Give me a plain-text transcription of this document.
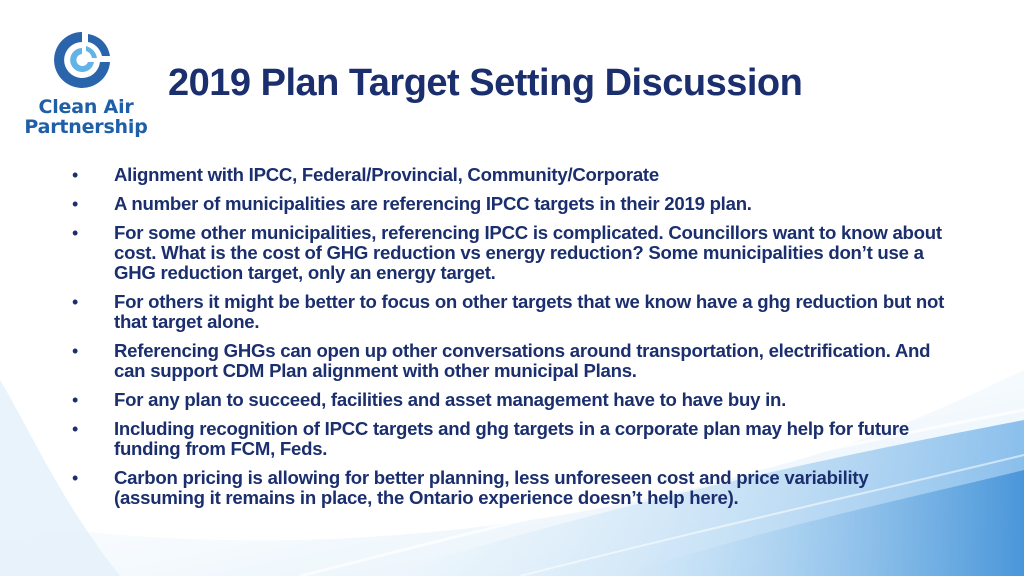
Clean Air
Partnership
2019 Plan Target Setting Discussion
• Alignment with IPCC, Federal/Provincial, Community/Corporate
• A number of municipalities are referencing IPCC targets in their 2019 plan.
• For some other municipalities, referencing IPCC is complicated. Councillors want to know about cost. What is the cost of GHG reduction vs energy reduction? Some municipalities don’t use a GHG reduction target, only an energy target.
• For others it might be better to focus on other targets that we know have a ghg reduction but not that target alone.
• Referencing GHGs can open up other conversations around transportation, electrification. And can support CDM Plan alignment with other municipal Plans.
• For any plan to succeed, facilities and asset management have to have buy in.
• Including recognition of IPCC targets and ghg targets in a corporate plan may help for future funding from FCM, Feds.
• Carbon pricing is allowing for better planning, less unforeseen cost and price variability (assuming it remains in place, the Ontario experience doesn’t help here).
